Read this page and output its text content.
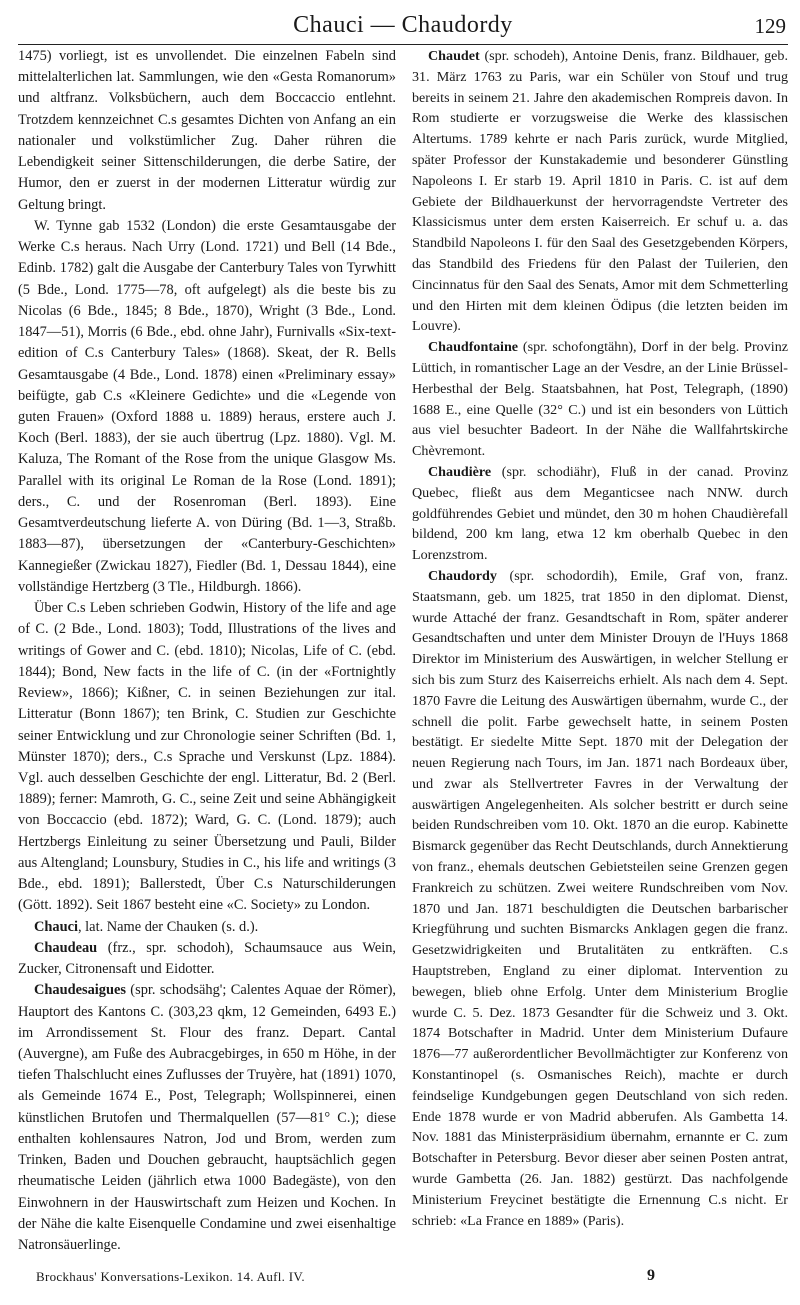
Chauci — Chaudordy	129

1475) vorliegt, ist es unvollendet. Die einzelnen Fabeln sind mittelalterlichen lat. Sammlungen, wie den «Gesta Romanorum» und altfranz. Volksbüchern, auch dem Boccaccio entlehnt. Trotzdem kennzeichnet C.s gesamtes Dichten von Anfang an ein nationaler und volkstümlicher Zug. Daher rühren die Lebendigkeit seiner Sittenschilderungen, die derbe Satire, der Humor, den er zuerst in der modernen Litteratur würdig zur Geltung bringt.

W. Tynne gab 1532 (London) die erste Gesamtausgabe der Werke C.s heraus. Nach Urry (Lond. 1721) und Bell (14 Bde., Edinb. 1782) galt die Ausgabe der Canterbury Tales von Tyrwhitt (5 Bde., Lond. 1775—78, oft aufgelegt) als die beste bis zu Nicolas (6 Bde., 1845; 8 Bde., 1870), Wright (3 Bde., Lond. 1847—51), Morris (6 Bde., ebd. ohne Jahr), Furnivalls «Six-text-edition of C.s Canterbury Tales» (1868). Skeat, der R. Bells Gesamtausgabe (4 Bde., Lond. 1878) einen «Preliminary essay» beifügte, gab C.s «Kleinere Gedichte» und die «Legende von guten Frauen» (Oxford 1888 u. 1889) heraus, erstere auch J. Koch (Berl. 1883), der sie auch übertrug (Lpz. 1880). Vgl. M. Kaluza, The Romant of the Rose from the unique Glasgow Ms. Parallel with its original Le Roman de la Rose (Lond. 1891); ders., C. und der Rosenroman (Berl. 1893). Eine Gesamtverdeutschung lieferte A. von Düring (Bd. 1—3, Straßb. 1883—87), übersetzungen der «Canterbury-Geschichten» Kannegießer (Zwickau 1827), Fiedler (Bd. 1, Dessau 1844), eine vollständige Hertzberg (3 Tle., Hildburgh. 1866).

Über C.s Leben schrieben Godwin, History of the life and age of C. (2 Bde., Lond. 1803); Todd, Illustrations of the lives and writings of Gower and C. (ebd. 1810); Nicolas, Life of C. (ebd. 1844); Bond, New facts in the life of C. (in der «Fortnightly Review», 1866); Kißner, C. in seinen Beziehungen zur ital. Litteratur (Bonn 1867); ten Brink, C. Studien zur Geschichte seiner Entwicklung und zur Chronologie seiner Schriften (Bd. 1, Münster 1870); ders., C.s Sprache und Verskunst (Lpz. 1884). Vgl. auch desselben Geschichte der engl. Litteratur, Bd. 2 (Berl. 1889); ferner: Mamroth, G. C., seine Zeit und seine Abhängigkeit von Boccaccio (ebd. 1872); Ward, G. C. (Lond. 1879); auch Hertzbergs Einleitung zu seiner Übersetzung und Pauli, Bilder aus Altengland; Lounsbury, Studies in C., his life and writings (3 Bde., ebd. 1891); Ballerstedt, Über C.s Naturschilderungen (Gött. 1892). Seit 1867 besteht eine «C. Society» zu London.

Chauci, lat. Name der Chauken (s. d.).

Chaudeau (frz., spr. schodoh), Schaumsauce aus Wein, Zucker, Citronensaft und Eidotter.

Chaudesaigues (spr. schodsähg'; Calentes Aquae der Römer), Hauptort des Kantons C. (303,23 qkm, 12 Gemeinden, 6493 E.) im Arrondissement St. Flour des franz. Depart. Cantal (Auvergne), am Fuße des Aubracgebirges, in 650 m Höhe, in der tiefen Thalschlucht eines Zuflusses der Truyère, hat (1891) 1070, als Gemeinde 1674 E., Post, Telegraph; Wollspinnerei, einen künstlichen Brutofen und Thermalquellen (57—81° C.); diese enthalten kohlensaures Natron, Jod und Brom, werden zum Trinken, Baden und Douchen gebraucht, hauptsächlich gegen rheumatische Leiden (jährlich etwa 1000 Badegäste), von den Einwohnern in der Hauswirtschaft zum Heizen und Kochen. In der Nähe die kalte Eisenquelle Condamine und zwei eisenhaltige Natronsäuerlinge.

Chaudet (spr. schodeh), Antoine Denis, franz. Bildhauer, geb. 31. März 1763 zu Paris, war ein Schüler von Stouf und trug bereits in seinem 21. Jahre den akademischen Rompreis davon. In Rom studierte er vorzugsweise die Werke des klassischen Altertums. 1789 kehrte er nach Paris zurück, wurde Mitglied, später Professor der Kunstakademie und besonderer Günstling Napoleons I. Er starb 19. April 1810 in Paris. C. ist auf dem Gebiete der Bildhauerkunst der hervorragendste Vertreter des Klassicismus unter dem ersten Kaiserreich. Er schuf u. a. das Standbild Napoleons I. für den Saal des Gesetzgebenden Körpers, das Standbild des Friedens für den Palast der Tuilerien, den Cincinnatus für den Saal des Senats, Amor mit dem Schmetterling und den Hirten mit dem kleinen Ödipus (die letzten beiden im Louvre).

Chaudfontaine (spr. schofongtähn), Dorf in der belg. Provinz Lüttich, in romantischer Lage an der Vesdre, an der Linie Brüssel-Herbesthal der Belg. Staatsbahnen, hat Post, Telegraph, (1890) 1688 E., eine Quelle (32° C.) und ist ein besonders von Lüttich aus viel besuchter Badeort. In der Nähe die Wallfahrtskirche Chèvremont.

Chaudière (spr. schodiähr), Fluß in der canad. Provinz Quebec, fließt aus dem Meganticsee nach NNW. durch goldführendes Gebiet und mündet, den 30 m hohen Chaudièrefall bildend, 200 km lang, etwa 12 km oberhalb Quebec in den Lorenzstrom.

Chaudordy (spr. schodordih), Emile, Graf von, franz. Staatsmann, geb. um 1825, trat 1850 in den diplomat. Dienst, wurde Attaché der franz. Gesandtschaft in Rom, später anderer Gesandtschaften und unter dem Minister Drouyn de l'Huys 1868 Direktor im Ministerium des Auswärtigen, in welcher Stellung er sich bis zum Sturz des Kaiserreichs erhielt. Als nach dem 4. Sept. 1870 Favre die Leitung des Auswärtigen übernahm, wurde C., der schnell die polit. Farbe gewechselt hatte, in seinem Posten bestätigt. Er siedelte Mitte Sept. 1870 mit der Delegation der neuen Regierung nach Tours, im Jan. 1871 nach Bordeaux über, und zwar als Stellvertreter Favres in der Verwaltung der auswärtigen Angelegenheiten. Als solcher bestritt er durch seine beiden Rundschreiben vom 10. Okt. 1870 an die europ. Kabinette Bismarck gegenüber das Recht Deutschlands, durch Annektierung von franz., ehemals deutschen Gebietsteilen seine Grenzen gegen Frankreich zu schützen. Zwei weitere Rundschreiben vom Nov. 1870 und Jan. 1871 beschuldigten die Deutschen barbarischer Kriegführung und suchten Bismarcks Anklagen gegen die franz. Gesetzwidrigkeiten und Brutalitäten zu entkräften. C.s Hauptstreben, England zu einer diplomat. Intervention zu bewegen, blieb ohne Erfolg. Unter dem Ministerium Broglie wurde C. 5. Dez. 1873 Gesandter für die Schweiz und 3. Okt. 1874 Botschafter in Madrid. Unter dem Ministerium Dufaure 1876—77 außerordentlicher Bevollmächtigter zur Konferenz von Konstantinopel (s. Osmanisches Reich), machte er durch feindselige Kundgebungen gegen Deutschland von sich reden. Ende 1878 wurde er von Madrid abberufen. Als Gambetta 14. Nov. 1881 das Ministerpräsidium übernahm, ernannte er C. zum Botschafter in Petersburg. Bevor dieser aber seinen Posten antrat, wurde Gambetta (26. Jan. 1882) gestürzt. Das nachfolgende Ministerium Freycinet bestätigte die Ernennung C.s nicht. Er schrieb: «La France en 1889» (Paris).

Brockhaus' Konversations-Lexikon. 14. Aufl. IV.	9
